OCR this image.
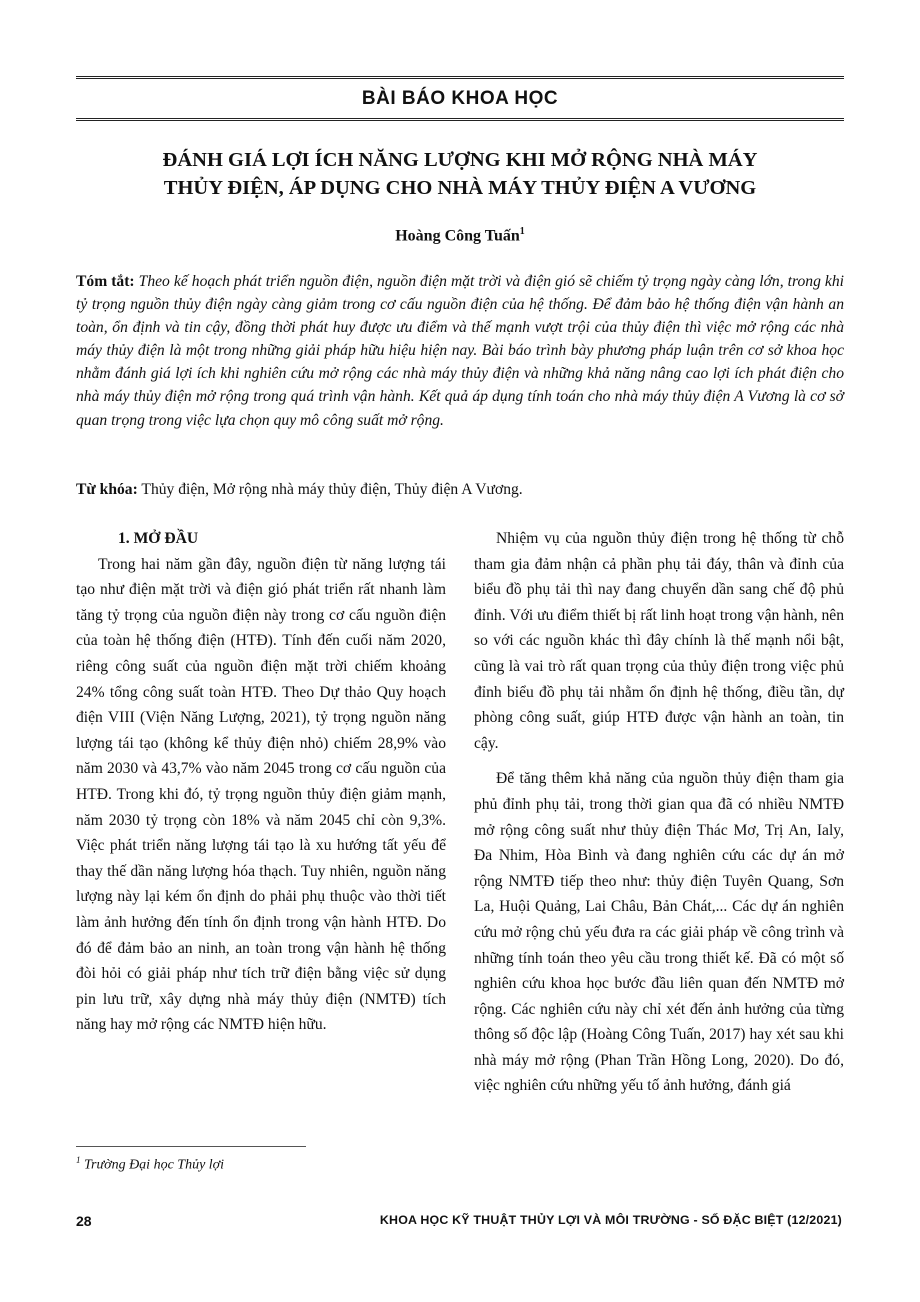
BÀI BÁO KHOA HỌC
ĐÁNH GIÁ LỢI ÍCH NĂNG LƯỢNG KHI MỞ RỘNG NHÀ MÁY
THỦY ĐIỆN, ÁP DỤNG CHO NHÀ MÁY THỦY ĐIỆN A VƯƠNG
Hoàng Công Tuấn$^1$
Tóm tắt: Theo kế hoạch phát triển nguồn điện, nguồn điện mặt trời và điện gió sẽ chiếm tỷ trọng ngày càng lớn, trong khi tỷ trọng nguồn thủy điện ngày càng giảm trong cơ cấu nguồn điện của hệ thống. Để đảm bảo hệ thống điện vận hành an toàn, ổn định và tin cậy, đồng thời phát huy được ưu điểm và thế mạnh vượt trội của thủy điện thì việc mở rộng các nhà máy thủy điện là một trong những giải pháp hữu hiệu hiện nay. Bài báo trình bày phương pháp luận trên cơ sở khoa học nhằm đánh giá lợi ích khi nghiên cứu mở rộng các nhà máy thủy điện và những khả năng nâng cao lợi ích phát điện cho nhà máy thủy điện mở rộng trong quá trình vận hành. Kết quả áp dụng tính toán cho nhà máy thủy điện A Vương là cơ sở quan trọng trong việc lựa chọn quy mô công suất mở rộng.
Từ khóa: Thủy điện, Mở rộng nhà máy thủy điện, Thủy điện A Vương.
1. MỞ ĐẦU

Trong hai năm gần đây, nguồn điện từ năng lượng tái tạo như điện mặt trời và điện gió phát triển rất nhanh làm tăng tỷ trọng của nguồn điện này trong cơ cấu nguồn điện của toàn hệ thống điện (HTĐ). Tính đến cuối năm 2020, riêng công suất của nguồn điện mặt trời chiếm khoảng 24% tổng công suất toàn HTĐ. Theo Dự thảo Quy hoạch điện VIII (Viện Năng Lượng, 2021), tỷ trọng nguồn năng lượng tái tạo (không kể thủy điện nhỏ) chiếm 28,9% vào năm 2030 và 43,7% vào năm 2045 trong cơ cấu nguồn của HTĐ. Trong khi đó, tỷ trọng nguồn thủy điện giảm mạnh, năm 2030 tỷ trọng còn 18% và năm 2045 chỉ còn 9,3%. Việc phát triển năng lượng tái tạo là xu hướng tất yếu để thay thế dần năng lượng hóa thạch. Tuy nhiên, nguồn năng lượng này lại kém ổn định do phải phụ thuộc vào thời tiết làm ảnh hưởng đến tính ổn định trong vận hành HTĐ. Do đó để đảm bảo an ninh, an toàn trong vận hành hệ thống đòi hỏi có giải pháp như tích trữ điện bằng việc sử dụng pin lưu trữ, xây dựng nhà máy thủy điện (NMTĐ) tích năng hay mở rộng các NMTĐ hiện hữu.

Nhiệm vụ của nguồn thủy điện trong hệ thống từ chỗ tham gia đảm nhận cả phần phụ tải đáy, thân và đỉnh của biểu đồ phụ tải thì nay đang chuyển dần sang chế độ phủ đỉnh. Với ưu điểm thiết bị rất linh hoạt trong vận hành, nên so với các nguồn khác thì đây chính là thế mạnh nổi bật, cũng là vai trò rất quan trọng của thủy điện trong việc phủ đỉnh biểu đồ phụ tải nhằm ổn định hệ thống, điều tần, dự phòng công suất, giúp HTĐ được vận hành an toàn, tin cậy.

Để tăng thêm khả năng của nguồn thủy điện tham gia phủ đỉnh phụ tải, trong thời gian qua đã có nhiều NMTĐ mở rộng công suất như thủy điện Thác Mơ, Trị An, Ialy, Đa Nhim, Hòa Bình và đang nghiên cứu các dự án mở rộng NMTĐ tiếp theo như: thủy điện Tuyên Quang, Sơn La, Huội Quảng, Lai Châu, Bản Chát,... Các dự án nghiên cứu mở rộng chủ yếu đưa ra các giải pháp về công trình và những tính toán theo yêu cầu trong thiết kế. Đã có một số nghiên cứu khoa học bước đầu liên quan đến NMTĐ mở rộng. Các nghiên cứu này chỉ xét đến ảnh hưởng của từng thông số độc lập (Hoàng Công Tuấn, 2017) hay xét sau khi nhà máy mở rộng (Phan Trần Hồng Long, 2020). Do đó, việc nghiên cứu những yếu tố ảnh hưởng, đánh giá

$^1$ Trường Đại học Thủy lợi
28	KHOA HỌC KỸ THUẬT THỦY LỢI VÀ MÔI TRƯỜNG - SỐ ĐẶC BIỆT (12/2021)
